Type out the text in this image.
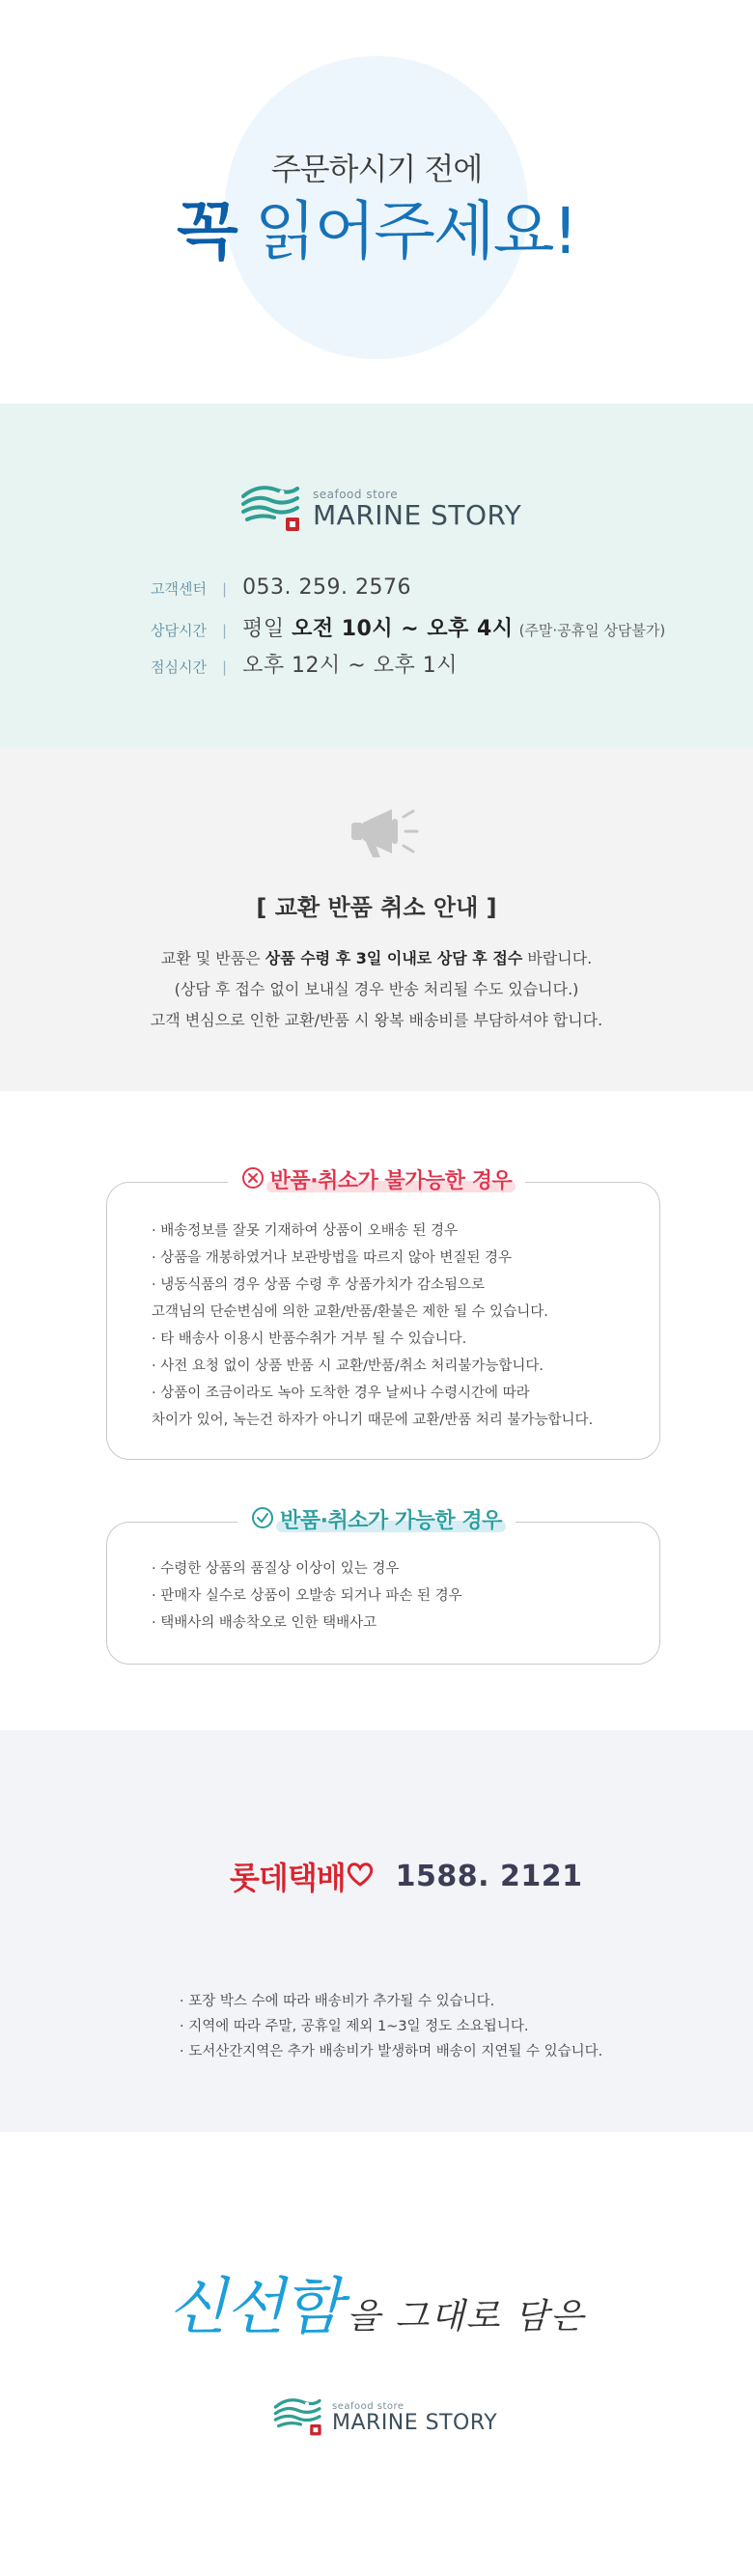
주문하시기 전에
꼭 읽어주세요!
seafood store
MARINE STORY
고객센터	| 053. 259. 2576
상담시간	| 평일 오전 10시 ~ 오후 4시 (주말·공휴일 상담불가)
점심시간	| 오후 12시 ~ 오후 1시
[ 교환 반품 취소 안내 ]
교환 및 반품은 상품 수령 후 3일 이내로 상담 후 접수 바랍니다.
(상담 후 접수 없이 보내실 경우 반송 처리될 수도 있습니다.)
고객 변심으로 인한 교환/반품 시 왕복 배송비를 부담하셔야 합니다.
· 배송정보를 잘못 기재하여 상품이 오배송 된 경우
· 상품을 개봉하였거나 보관방법을 따르지 않아 변질된 경우
· 냉동식품의 경우 상품 수령 후 상품가치가 감소됨으로
고객님의 단순변심에 의한 교환/반품/환불은 제한 될 수 있습니다.
· 타 배송사 이용시 반품수취가 거부 될 수 있습니다.
· 사전 요청 없이 상품 반품 시 교환/반품/취소 처리불가능합니다.
· 상품이 조금이라도 녹아 도착한 경우 날씨나 수령시간에 따라
차이가 있어, 녹는건 하자가 아니기 때문에 교환/반품 처리 불가능합니다.
반품·취소가 불가능한 경우
· 수령한 상품의 품질상 이상이 있는 경우
· 판매자 실수로 상품이 오발송 되거나 파손 된 경우
· 택배사의 배송착오로 인한 택배사고
반품·취소가 가능한 경우
롯데택배 1588. 2121
· 포장 박스 수에 따라 배송비가 추가될 수 있습니다.
· 지역에 따라 주말, 공휴일 제외 1~3일 정도 소요됩니다.
· 도서산간지역은 추가 배송비가 발생하며 배송이 지연될 수 있습니다.
신선함 을 그대로 담은
seafood store
MARINE STORY
